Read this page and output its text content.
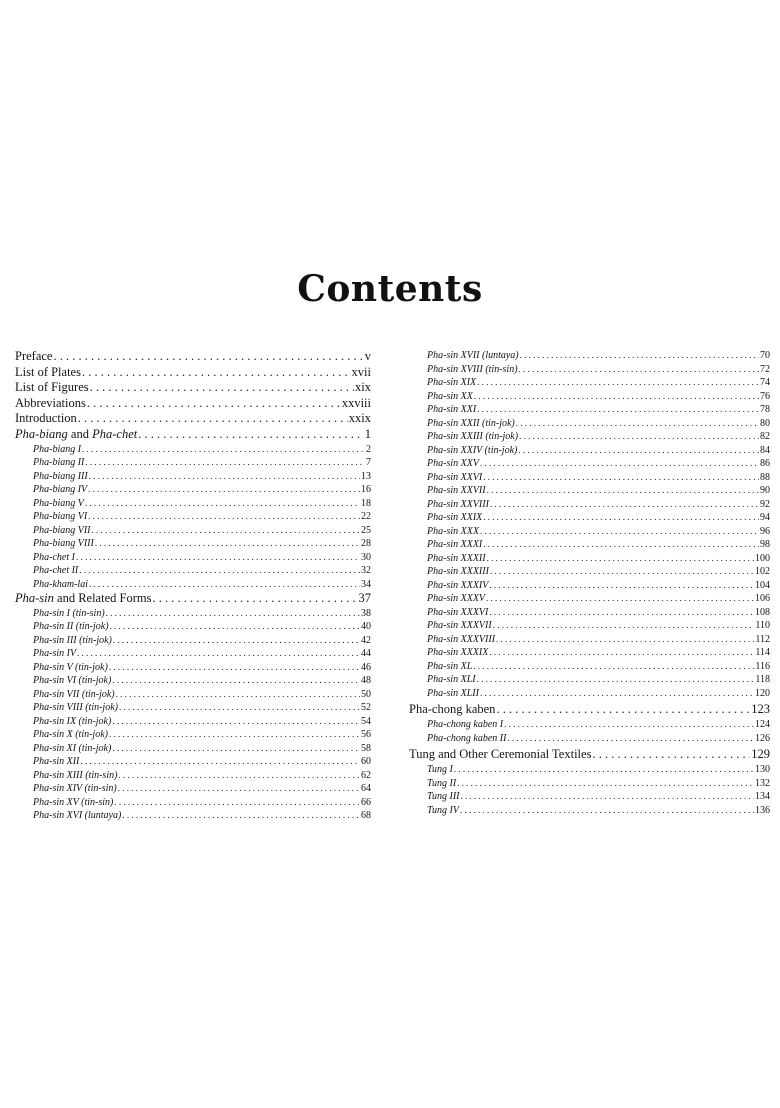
Contents
Preface . . .	v
List of Plates . . .	xvii
List of Figures . . .	xix
Abbreviations . . .	xxviii
Introduction . . .	xxix
Pha-biang and Pha-chet . . .	1
Pha-biang I . . .	2
Pha-biang II . . .	7
Pha-biang III . . .	13
Pha-biang IV . . .	16
Pha-biang V . . .	18
Pha-biang VI . . .	22
Pha-biang VII . . .	25
Pha-biang VIII . . .	28
Pha-chet I . . .	30
Pha-chet II . . .	32
Pha-kham-lai . . .	34
Pha-sin and Related Forms . . .	37
Pha-sin I (tin-sin) . . .	38
Pha-sin II (tin-jok) . . .	40
Pha-sin III (tin-jok) . . .	42
Pha-sin IV . . .	44
Pha-sin V (tin-jok) . . .	46
Pha-sin VI (tin-jok) . . .	48
Pha-sin VII (tin-jok) . . .	50
Pha-sin VIII (tin-jok) . . .	52
Pha-sin IX (tin-jok) . . .	54
Pha-sin X (tin-jok) . . .	56
Pha-sin XI (tin-jok) . . .	58
Pha-sin XII . . .	60
Pha-sin XIII (tin-sin) . . .	62
Pha-sin XIV (tin-sin) . . .	64
Pha-sin XV (tin-sin) . . .	66
Pha-sin XVI (luntaya) . . .	68
Pha-sin XVII (luntaya) . . .	70
Pha-sin XVIII (tin-sin) . . .	72
Pha-sin XIX . . .	74
Pha-sin XX . . .	76
Pha-sin XXI . . .	78
Pha-sin XXII (tin-jok) . . .	80
Pha-sin XXIII (tin-jok) . . .	82
Pha-sin XXIV (tin-jok) . . .	84
Pha-sin XXV . . .	86
Pha-sin XXVI . . .	88
Pha-sin XXVII . . .	90
Pha-sin XXVIII . . .	92
Pha-sin XXIX . . .	94
Pha-sin XXX . . .	96
Pha-sin XXXI . . .	98
Pha-sin XXXII . . .	100
Pha-sin XXXIII . . .	102
Pha-sin XXXIV . . .	104
Pha-sin XXXV . . .	106
Pha-sin XXXVI . . .	108
Pha-sin XXXVII . . .	110
Pha-sin XXXVIII . . .	112
Pha-sin XXXIX . . .	114
Pha-sin XL . . .	116
Pha-sin XLI . . .	118
Pha-sin XLII . . .	120
Pha-chong kaben . . .	123
Pha-chong kaben I . . .	124
Pha-chong kaben II . . .	126
Tung and Other Ceremonial Textiles . . .	129
Tung I . . .	130
Tung II . . .	132
Tung III . . .	134
Tung IV . . .	136
